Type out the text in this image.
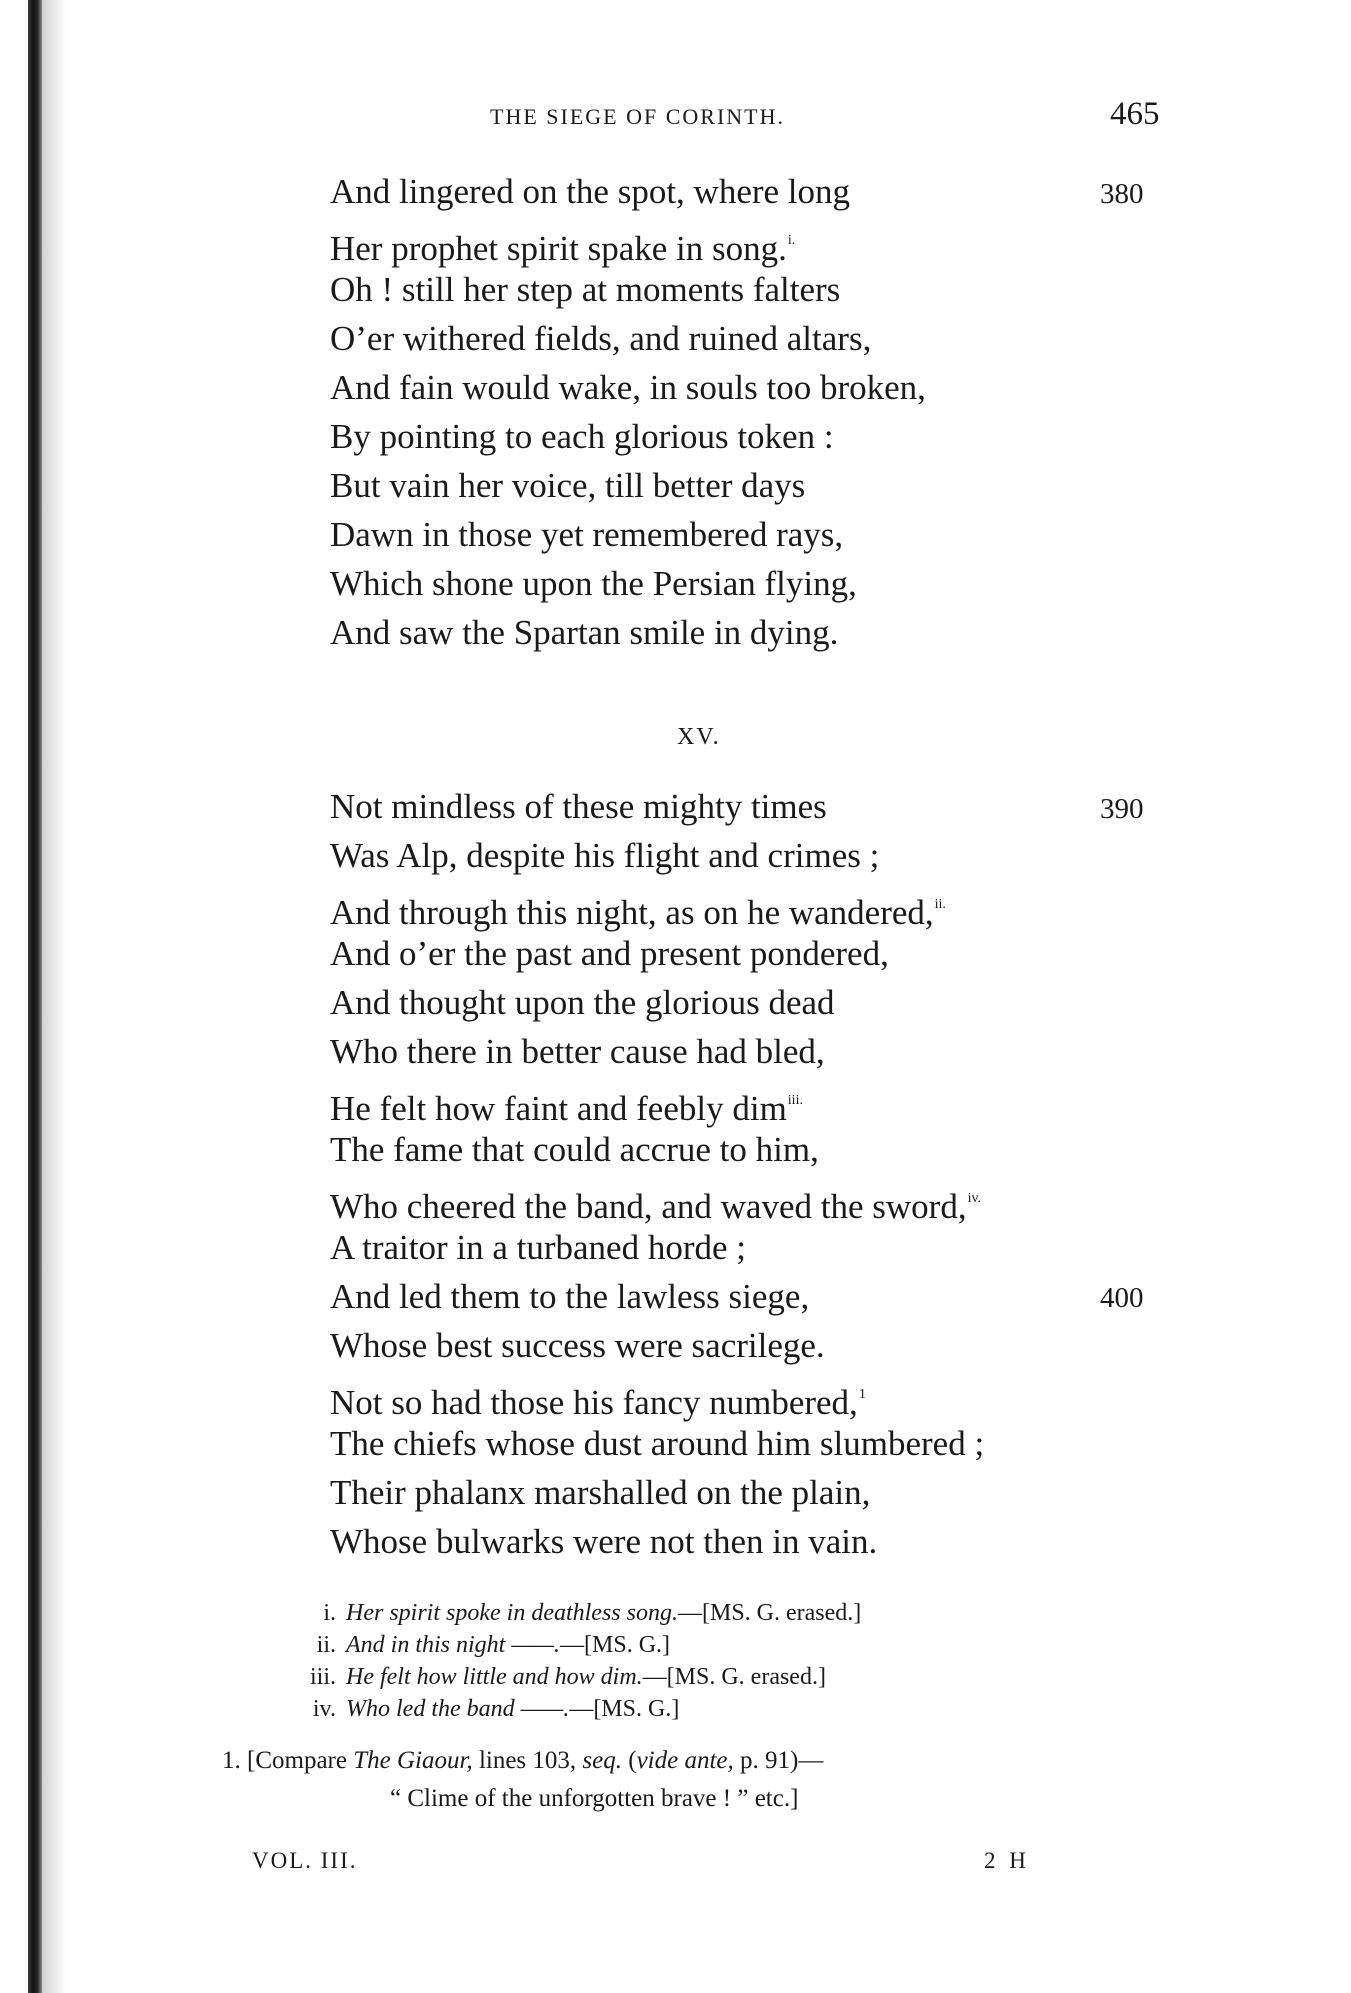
THE SIEGE OF CORINTH.	465
And lingered on the spot, where long
Her prophet spirit spake in song.$^{i.}$
Oh ! still her step at moments falters
O’er withered fields, and ruined altars,
And fain would wake, in souls too broken,
By pointing to each glorious token :
But vain her voice, till better days
Dawn in those yet remembered rays,
Which shone upon the Persian flying,
And saw the Spartan smile in dying.
380
XV.
Not mindless of these mighty times
Was Alp, despite his flight and crimes ;
And through this night, as on he wandered,$^{ii.}$
And o’er the past and present pondered,
And thought upon the glorious dead
Who there in better cause had bled,
He felt how faint and feebly dim$^{iii.}$
The fame that could accrue to him,
Who cheered the band, and waved the sword,$^{iv.}$
A traitor in a turbaned horde ;
And led them to the lawless siege,
Whose best success were sacrilege.
Not so had those his fancy numbered,$^1$
The chiefs whose dust around him slumbered ;
Their phalanx marshalled on the plain,
Whose bulwarks were not then in vain.
390
400
i. Her spirit spoke in deathless song.—[MS. G. erased.]
ii. And in this night ——.—[MS. G.]
iii. He felt how little and how dim.—[MS. G. erased.]
iv. Who led the band ——.—[MS. G.]
1. [Compare The Giaour, lines 103, seq. (vide ante, p. 91)—
“ Clime of the unforgotten brave ! ” etc.]
VOL. III.	2 H
